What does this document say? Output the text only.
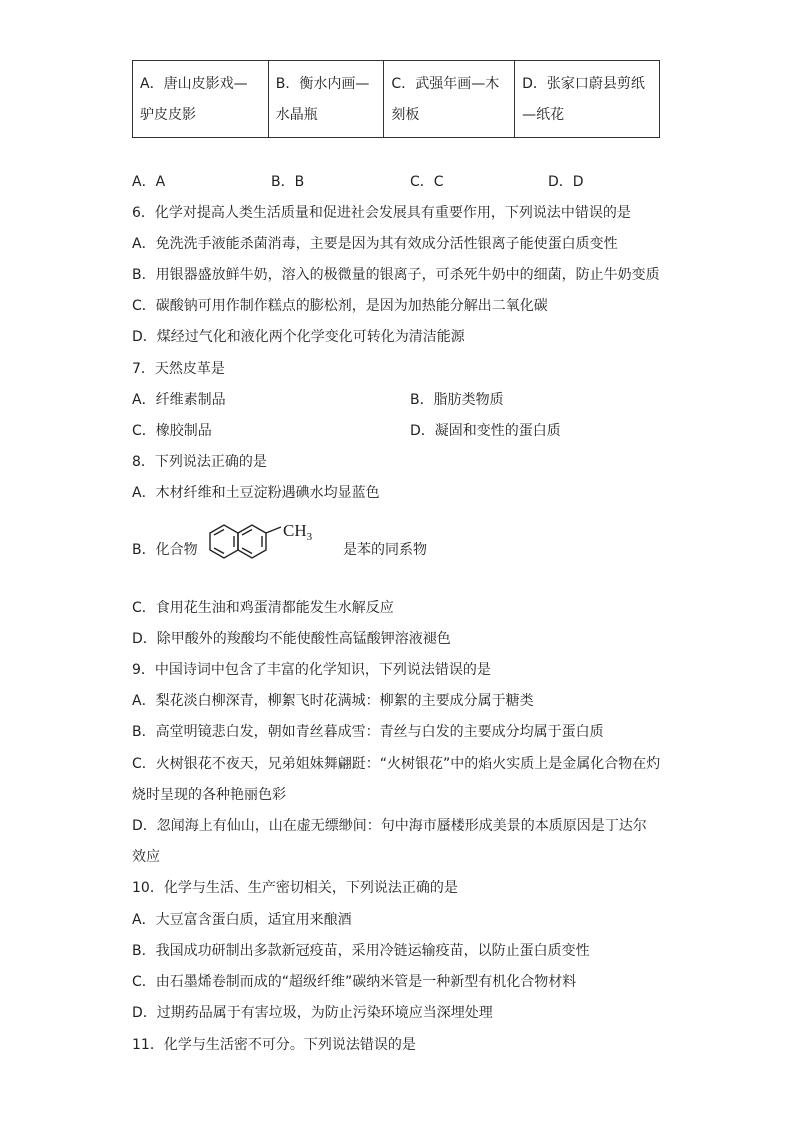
A．唐山皮影戏—驴皮皮影	B．衡水内画—水晶瓶	C．武强年画—木刻板	D．张家口蔚县剪纸—纸花
A．A	B．B	C．C	D．D
6．化学对提高人类生活质量和促进社会发展具有重要作用，下列说法中错误的是
A．免洗洗手液能杀菌消毒，主要是因为其有效成分活性银离子能使蛋白质变性
B．用银器盛放鲜牛奶，溶入的极微量的银离子，可杀死牛奶中的细菌，防止牛奶变质
C．碳酸钠可用作制作糕点的膨松剂，是因为加热能分解出二氧化碳
D．煤经过气化和液化两个化学变化可转化为清洁能源
7．天然皮革是
A．纤维素制品	B．脂肪类物质
C．橡胶制品	D．凝固和变性的蛋白质
8．下列说法正确的是
A．木材纤维和土豆淀粉遇碘水均显蓝色
B．化合物
$CH_3$
是苯的同系物
C．食用花生油和鸡蛋清都能发生水解反应
D．除甲酸外的羧酸均不能使酸性高锰酸钾溶液褪色
9．中国诗词中包含了丰富的化学知识，下列说法错误的是
A．梨花淡白柳深青，柳絮飞时花满城：柳絮的主要成分属于糖类
B．高堂明镜悲白发，朝如青丝暮成雪：青丝与白发的主要成分均属于蛋白质
C．火树银花不夜天，兄弟姐妹舞翩跹：“火树银花”中的焰火实质上是金属化合物在灼
烧时呈现的各种艳丽色彩
D．忽闻海上有仙山，山在虚无缥缈间：句中海市蜃楼形成美景的本质原因是丁达尔
效应
10．化学与生活、生产密切相关，下列说法正确的是
A．大豆富含蛋白质，适宜用来酿酒
B．我国成功研制出多款新冠疫苗，采用冷链运输疫苗，以防止蛋白质变性
C．由石墨烯卷制而成的“超级纤维”碳纳米管是一种新型有机化合物材料
D．过期药品属于有害垃圾，为防止污染环境应当深埋处理
11．化学与生活密不可分。下列说法错误的是
